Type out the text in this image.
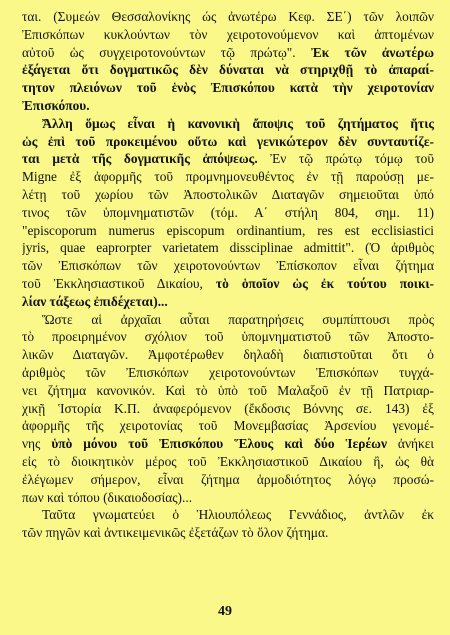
ται. (Συμεών Θεσσαλονίκης ώς ἀνωτέρω Κεφ. ΣΕ΄) τῶν λοιπῶν
Ἐπισκόπων κυκλούντων τὸν χειροτονούμενον καὶ ἁπτομένων
αὐτοῦ ὡς συγχειροτονούντων τῷ πρώτῳ". Ἐκ τῶν ἀνωτέρω
ἐξάγεται ὅτι δογματικῶς δὲν δύναται νὰ στηριχθῇ τὸ ἀπαραί-
τητον πλειόνων τοῦ ἑνὸς Ἐπισκόπου κατὰ τὴν χειροτονίαν
Ἐπισκόπου.
Ἄλλη ὅμως εἶναι ἡ κανονικὴ ἄποψις τοῦ ζητήματος ἥτις
ὡς ἐπὶ τοῦ προκειμένου οὕτω καὶ γενικώτερον δὲν συνταυτίζε-
ται μετὰ τῆς δογματικῆς ἀπόψεως. Ἐν τῷ πρώτῳ τόμῳ τοῦ
Migne ἐξ ἀφορμῆς τοῦ προμνημονευθέντος ἐν τῇ παρούσῃ με-
λέτῃ τοῦ χωρίου τῶν Ἀποστολικῶν Διαταγῶν σημειοῦται ὑπό
τινος τῶν ὑπομνηματιστῶν (τόμ. Α΄ στήλη 804, σημ. 11)
"episcoporum numerus episcopum ordinantium, res est ecclisiastici
jyris, quae eaprorpter varietatem dissciplinae admittit". (Ὁ ἀριθμὸς
τῶν Ἐπισκόπων τῶν χειροτονούντων Ἐπίσκοπον εἶναι ζήτημα
τοῦ Ἐκκλησιαστικοῦ Δικαίου, τὸ ὁποῖον ὡς ἐκ τούτου ποικι-
λίαν τάξεως ἐπιδέχεται)...
Ὥστε αἱ ἀρχαῖαι αὗται παρατηρήσεις συμπίπτουσι πρὸς
τὸ προειρημένον σχόλιον τοῦ ὑπομνηματιστοῦ τῶν Ἀποστο-
λικῶν Διαταγῶν. Ἀμφοτέρωθεν δηλαδὴ διαπιστοῦται ὅτι ὁ
ἀριθμὸς τῶν Ἐπισκόπων χειροτονούντων Ἐπισκόπων τυγχά-
νει ζήτημα κανονικόν. Καὶ τὸ ὑπὸ τοῦ Μαλαξοῦ ἐν τῇ Πατριαρ-
χικῇ Ἱστορία Κ.Π. ἀναφερόμενον (ἔκδοσις Βόννης σε. 143) ἐξ
ἀφορμῆς τῆς χειροτονίας τοῦ Μονεμβασίας Ἀρσενίου γενομέ-
νης ὑπὸ μόνου τοῦ Ἐπισκόπου Ἕλους καὶ δύο Ἱερέων ἀνήκει
εἰς τὸ διοικητικὸν μέρος τοῦ Ἐκκλησιαστικοῦ Δικαίου ἢ, ὡς θὰ
ἐλέγωμεν σήμερον, εἶναι ζήτημα ἁρμοδιότητος λόγῳ προσώ-
πων καὶ τόπου (δικαιοδοσίας)...
Ταῦτα γνωματεύει ὁ Ἡλιουπόλεως Γεννάδιος, ἀντλῶν ἐκ
τῶν πηγῶν καὶ ἀντικειμενικῶς ἐξετάζων τὸ ὅλον ζήτημα.
49
